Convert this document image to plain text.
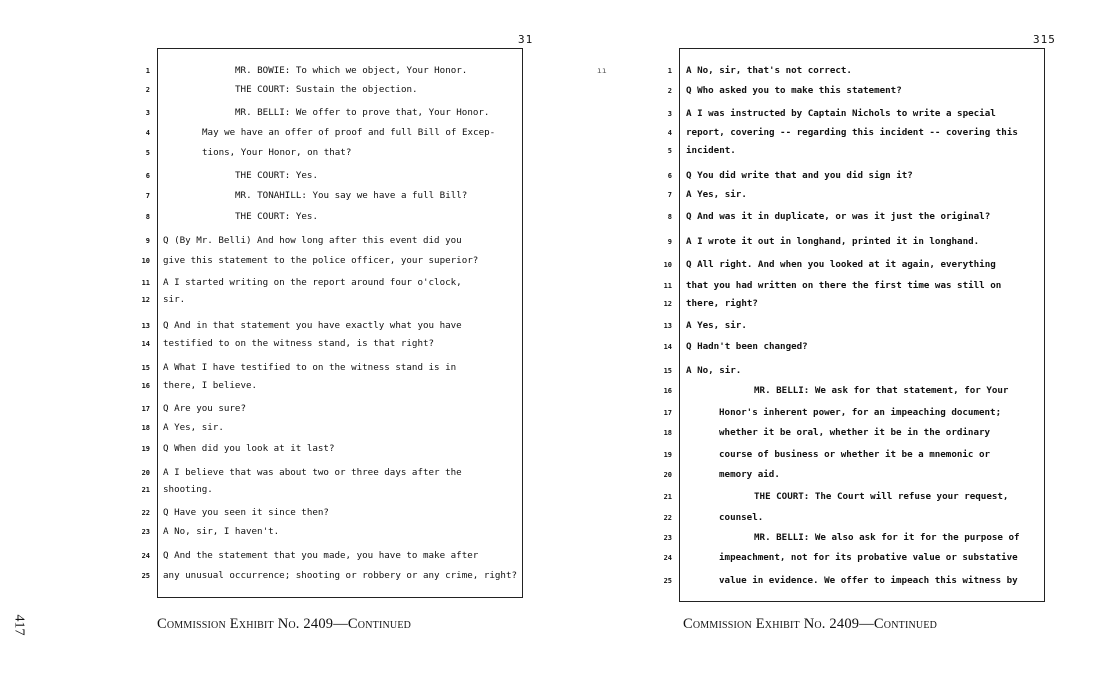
417
31
1	MR. BOWIE: To which we object, Your Honor.
2	THE COURT: Sustain the objection.
3	MR. BELLI: We offer to prove that, Your Honor.
4	May we have an offer of proof and full Bill of Excep-
5	tions, Your Honor, on that?
6	THE COURT: Yes.
7	MR. TONAHILL: You say we have a full Bill?
8	THE COURT: Yes.
9 Q (By Mr. Belli) And how long after this event did you
10 give this statement to the police officer, your superior?
11 A I started writing on the report around four o'clock,
12 sir.
13 Q And in that statement you have exactly what you have
14 testified to on the witness stand, is that right?
15 A What I have testified to on the witness stand is in
16 there, I believe.
17 Q Are you sure?
18 A Yes, sir.
19 Q When did you look at it last?
20 A I believe that was about two or three days after the
21 shooting.
22 Q Have you seen it since then?
23 A No, sir, I haven't.
24 Q And the statement that you made, you have to make after
25 any unusual occurrence; shooting or robbery or any crime, right?
Commission Exhibit No. 2409—Continued
ıı
315
1 A No, sir, that's not correct.
2 Q Who asked you to make this statement?
3 A I was instructed by Captain Nichols to write a special
4 report, covering -- regarding this incident -- covering this
5 incident.
6 Q You did write that and you did sign it?
7 A Yes, sir.
8 Q And was it in duplicate, or was it just the original?
9 A I wrote it out in longhand, printed it in longhand.
10 Q All right. And when you looked at it again, everything
11 that you had written on there the first time was still on
12 there, right?
13 A Yes, sir.
14 Q Hadn't been changed?
15 A No, sir.
16	MR. BELLI: We ask for that statement, for Your
17	Honor's inherent power, for an impeaching document;
18	whether it be oral, whether it be in the ordinary
19	course of business or whether it be a mnemonic or
20	memory aid.
21	THE COURT: The Court will refuse your request,
22	counsel.
23	MR. BELLI: We also ask for it for the purpose of
24	impeachment, not for its probative value or substative
25	value in evidence. We offer to impeach this witness by
Commission Exhibit No. 2409—Continued
